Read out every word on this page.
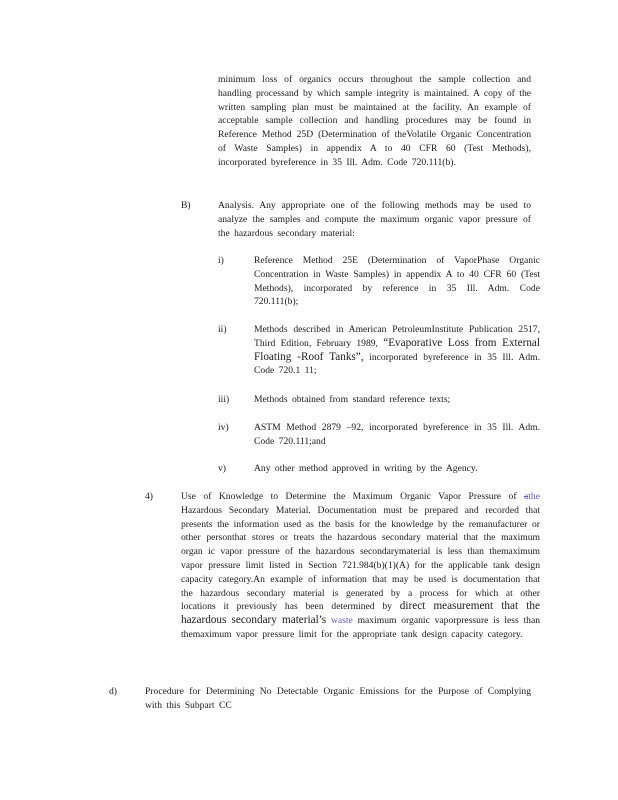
minimum loss of organics occurs throughout the sample collection and handling processand by which sample integrity is maintained. A copy of the written sampling plan must be maintained at the facility. An example of acceptable sample collection and handling procedures may be found in Reference Method 25D (Determination of theVolatile Organic Concentration of Waste Samples) in appendix A to 40 CFR 60 (Test Methods), incorporated byreference in 35 Ill. Adm. Code 720.111(b).
B)	Analysis. Any appropriate one of the following methods may be used to analyze the samples and compute the maximum organic vapor pressure of the hazardous secondary material:
i)	Reference Method 25E (Determination of VaporPhase Organic Concentration in Waste Samples) in appendix A to 40 CFR 60 (Test Methods), incorporated by reference in 35 Ill. Adm. Code 720.111(b);
ii)	Methods described in American PetroleumInstitute Publication 2517, Third Edition, February 1989, “Evaporative Loss from External Floating -Roof Tanks”, incorporated byreference in 35 Ill. Adm. Code 720.1 11;
iii)	Methods obtained from standard reference texts;
iv)	ASTM Method 2879 –92, incorporated byreference in 35 Ill. Adm. Code 720.111;and
v)	Any other method approved in writing by the Agency.
4)	Use of Knowledge to Determine the Maximum Organic Vapor Pressure of athe Hazardous Secondary Material. Documentation must be prepared and recorded that presents the information used as the basis for the knowledge by the remanufacturer or other personthat stores or treats the hazardous secondary material that the maximum organ ic vapor pressure of the hazardous secondarymaterial is less than themaximum vapor pressure limit listed in Section 721.984(b)(1)(A) for the applicable tank design capacity category.An example of information that may be used is documentation that the hazardous secondary material is generated by a process for which at other locations it previously has been determined by direct measurement that the hazardous secondary material’s waste maximum organic vaporpressure is less than themaximum vapor pressure limit for the appropriate tank design capacity category.
d)	Procedure for Determining No Detectable Organic Emissions for the Purpose of Complying with this Subpart CC
